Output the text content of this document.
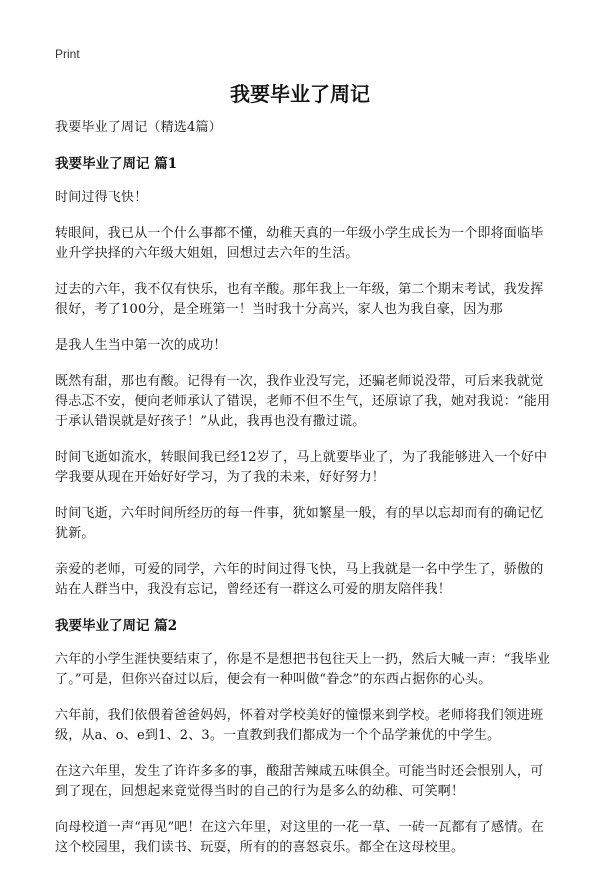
Print
我要毕业了周记

我要毕业了周记（精选4篇）

我要毕业了周记 篇1

时间过得飞快！

转眼间，我已从一个什么事都不懂，幼稚天真的一年级小学生成长为一个即将面临毕业升学抉择的六年级大姐姐，回想过去六年的生活。

过去的六年，我不仅有快乐，也有辛酸。那年我上一年级，第二个期末考试，我发挥很好，考了100分，是全班第一！当时我十分高兴，家人也为我自豪，因为那

是我人生当中第一次的成功！

既然有甜，那也有酸。记得有一次，我作业没写完，还骗老师说没带，可后来我就觉得忐忑不安，便向老师承认了错误，老师不但不生气，还原谅了我，她对我说：“能用于承认错误就是好孩子！”从此，我再也没有撒过谎。

时间飞逝如流水，转眼间我已经12岁了，马上就要毕业了，为了我能够进入一个好中学我要从现在开始好好学习，为了我的未来，好好努力！

时间飞逝，六年时间所经历的每一件事，犹如繁星一般，有的早以忘却而有的确记忆犹新。

亲爱的老师，可爱的同学，六年的时间过得飞快，马上我就是一名中学生了，骄傲的站在人群当中，我没有忘记，曾经还有一群这么可爱的朋友陪伴我！

我要毕业了周记 篇2

六年的小学生涯快要结束了，你是不是想把书包往天上一扔，然后大喊一声：“我毕业了。”可是，但你兴奋过以后，便会有一种叫做“眷念”的东西占据你的心头。

六年前，我们依偎着爸爸妈妈，怀着对学校美好的憧憬来到学校。老师将我们领进班级，从a、o、e到1、2、3。一直教到我们都成为一个个品学兼优的中学生。

在这六年里，发生了许许多多的事，酸甜苦辣咸五味俱全。可能当时还会恨别人，可到了现在，回想起来竟觉得当时的自己的行为是多么的幼稚、可笑啊！

向母校道一声“再见”吧！在这六年里，对这里的一花一草、一砖一瓦都有了感情。在这个校园里，我们读书、玩耍，所有的的喜怒哀乐。都全在这母校里。
